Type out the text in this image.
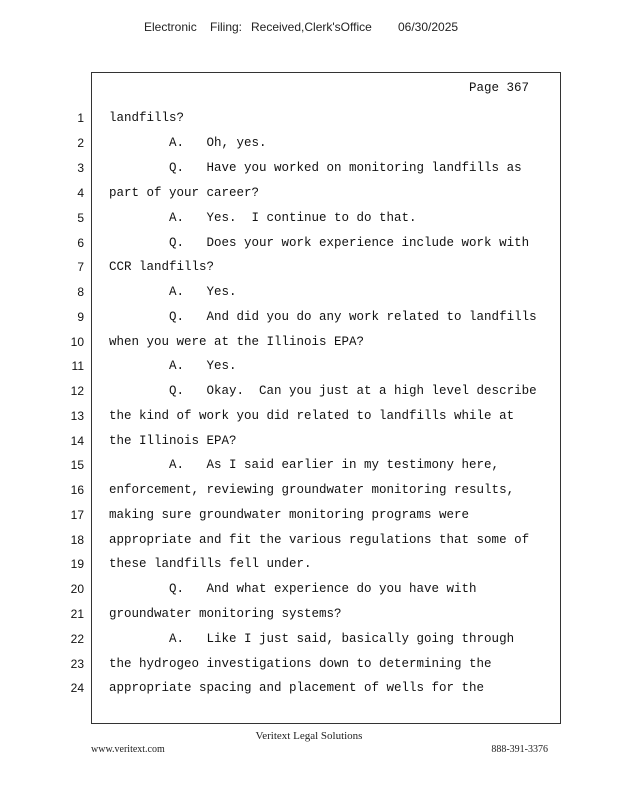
Electronic Filing: Received,Clerk'sOffice 06/30/2025
Page 367
1 landfills?
2 A.   Oh, yes.
3 Q.   Have you worked on monitoring landfills as
4 part of your career?
5 A.   Yes.  I continue to do that.
6 Q.   Does your work experience include work with
7 CCR landfills?
8 A.   Yes.
9 Q.   And did you do any work related to landfills
10 when you were at the Illinois EPA?
11 A.   Yes.
12 Q.   Okay.  Can you just at a high level describe
13 the kind of work you did related to landfills while at
14 the Illinois EPA?
15 A.   As I said earlier in my testimony here,
16 enforcement, reviewing groundwater monitoring results,
17 making sure groundwater monitoring programs were
18 appropriate and fit the various regulations that some of
19 these landfills fell under.
20 Q.   And what experience do you have with
21 groundwater monitoring systems?
22 A.   Like I just said, basically going through
23 the hydrogeo investigations down to determining the
24 appropriate spacing and placement of wells for the
Veritext Legal Solutions
www.veritext.com	888-391-3376
